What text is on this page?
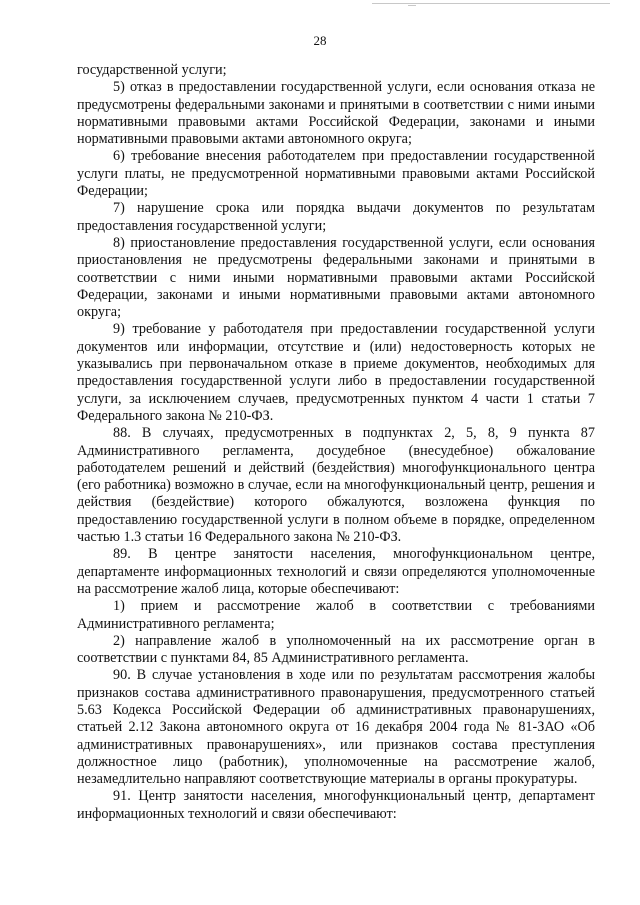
28

государственной услуги;

5) отказ в предоставлении государственной услуги, если основания отказа не предусмотрены федеральными законами и принятыми в соответствии с ними иными нормативными правовыми актами Российской Федерации, законами и иными нормативными правовыми актами автономного округа;

6) требование внесения работодателем при предоставлении государственной услуги платы, не предусмотренной нормативными правовыми актами Российской Федерации;

7) нарушение срока или порядка выдачи документов по результатам предоставления государственной услуги;

8) приостановление предоставления государственной услуги, если основания приостановления не предусмотрены федеральными законами и принятыми в соответствии с ними иными нормативными правовыми актами Российской Федерации, законами и иными нормативными правовыми актами автономного округа;

9) требование у работодателя при предоставлении государственной услуги документов или информации, отсутствие и (или) недостоверность которых не указывались при первоначальном отказе в приеме документов, необходимых для предоставления государственной услуги либо в предоставлении государственной услуги, за исключением случаев, предусмотренных пунктом 4 части 1 статьи 7 Федерального закона № 210-ФЗ.

88. В случаях, предусмотренных в подпунктах 2, 5, 8, 9 пункта 87 Административного регламента, досудебное (внесудебное) обжалование работодателем решений и действий (бездействия) многофункционального центра (его работника) возможно в случае, если на многофункциональный центр, решения и действия (бездействие) которого обжалуются, возложена функция по предоставлению государственной услуги в полном объеме в порядке, определенном частью 1.3 статьи 16 Федерального закона № 210-ФЗ.

89. В центре занятости населения, многофункциональном центре, департаменте информационных технологий и связи определяются уполномоченные на рассмотрение жалоб лица, которые обеспечивают:

1) прием и рассмотрение жалоб в соответствии с требованиями Административного регламента;

2) направление жалоб в уполномоченный на их рассмотрение орган в соответствии с пунктами 84, 85 Административного регламента.

90. В случае установления в ходе или по результатам рассмотрения жалобы признаков состава административного правонарушения, предусмотренного статьей 5.63 Кодекса Российской Федерации об административных правонарушениях, статьей 2.12 Закона автономного округа от 16 декабря 2004 года № 81-ЗАО «Об административных правонарушениях», или признаков состава преступления должностное лицо (работник), уполномоченные на рассмотрение жалоб, незамедлительно направляют соответствующие материалы в органы прокуратуры.

91. Центр занятости населения, многофункциональный центр, департамент информационных технологий и связи обеспечивают:
